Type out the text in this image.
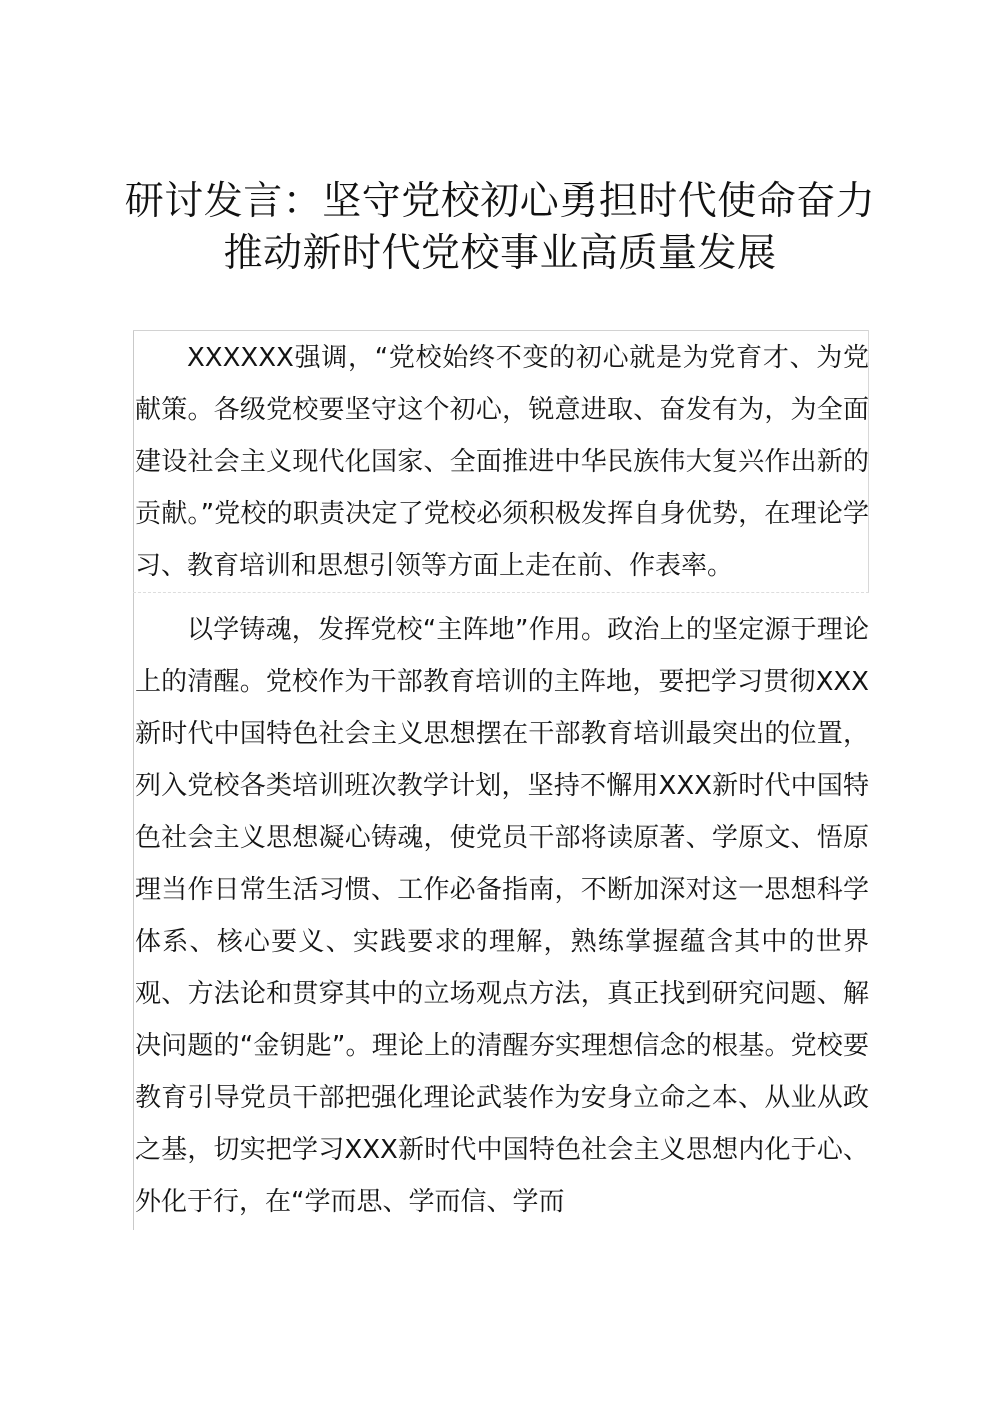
研讨发言：坚守党校初心勇担时代使命奋力推动新时代党校事业高质量发展

XXXXXX强调，“党校始终不变的初心就是为党育才、为党献策。各级党校要坚守这个初心，锐意进取、奋发有为，为全面建设社会主义现代化国家、全面推进中华民族伟大复兴作出新的贡献。”党校的职责决定了党校必须积极发挥自身优势，在理论学习、教育培训和思想引领等方面上走在前、作表率。

以学铸魂，发挥党校“主阵地”作用。政治上的坚定源于理论上的清醒。党校作为干部教育培训的主阵地，要把学习贯彻XXX新时代中国特色社会主义思想摆在干部教育培训最突出的位置，列入党校各类培训班次教学计划，坚持不懈用XXX新时代中国特色社会主义思想凝心铸魂，使党员干部将读原著、学原文、悟原理当作日常生活习惯、工作必备指南，不断加深对这一思想科学体系、核心要义、实践要求的理解，熟练掌握蕴含其中的世界观、方法论和贯穿其中的立场观点方法，真正找到研究问题、解决问题的“金钥匙”。理论上的清醒夯实理想信念的根基。党校要教育引导党员干部把强化理论武装作为安身立命之本、从业从政之基，切实把学习XXX新时代中国特色社会主义思想内化于心、外化于行，在“学而思、学而信、学而
